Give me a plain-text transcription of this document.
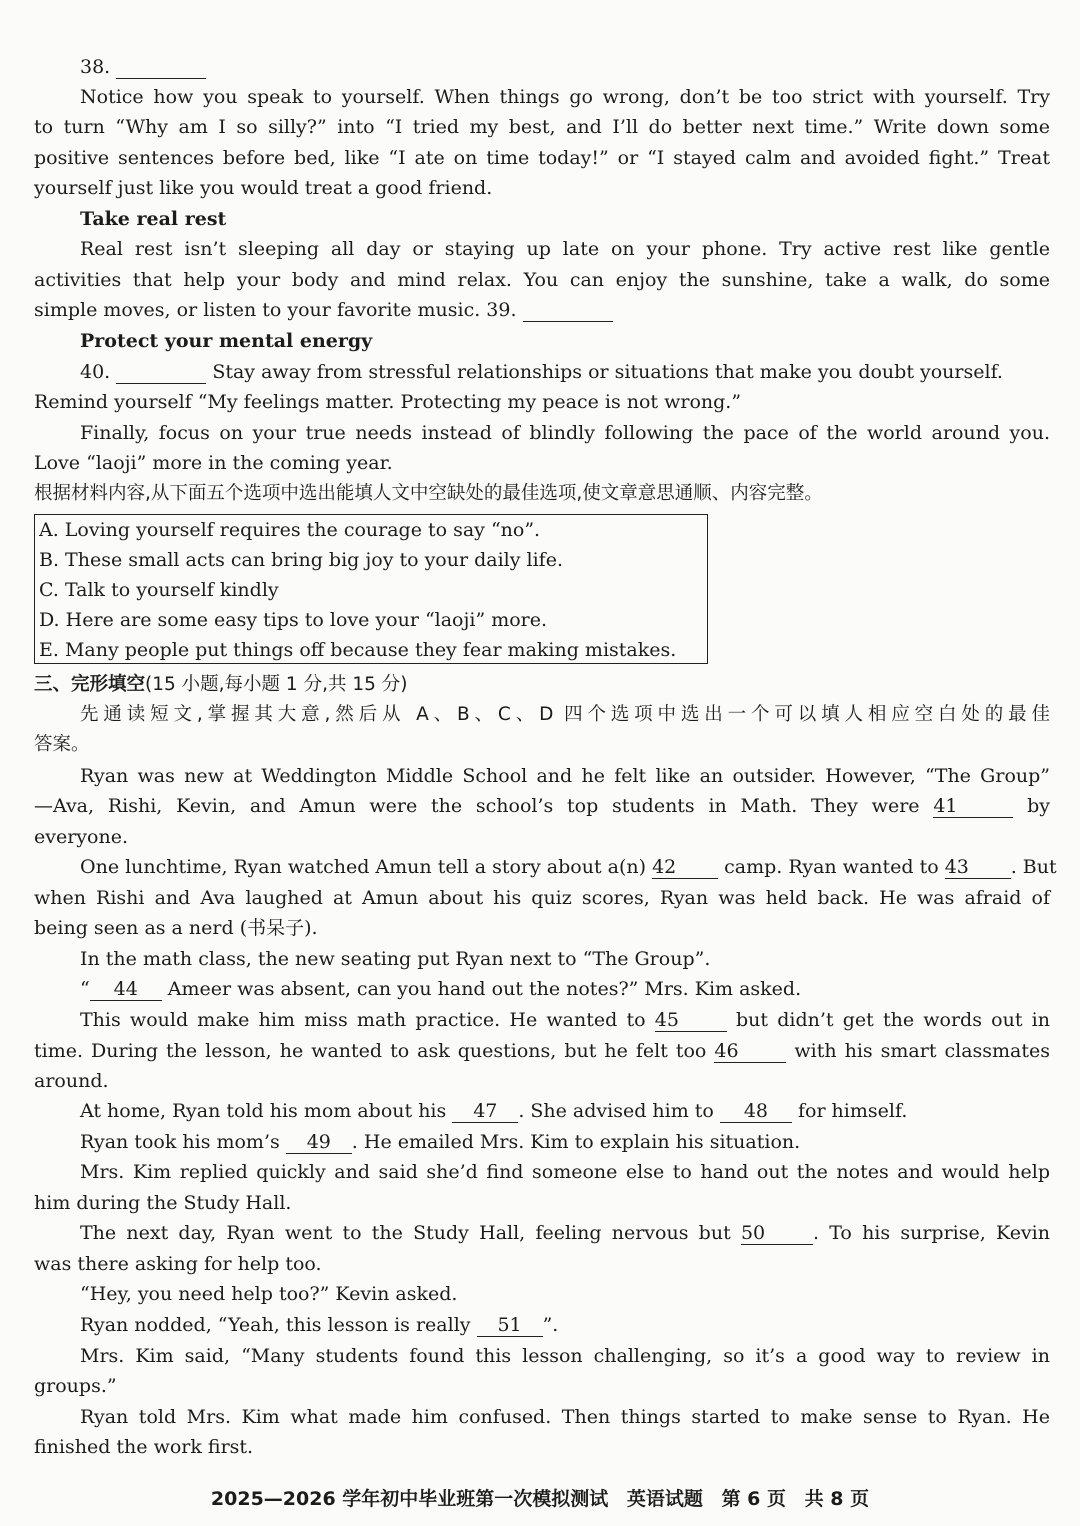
38.
Notice how you speak to yourself. When things go wrong, don’t be too strict with yourself. Try
to turn “Why am I so silly?” into “I tried my best, and I’ll do better next time.” Write down some
positive sentences before bed, like “I ate on time today!” or “I stayed calm and avoided fight.” Treat
yourself just like you would treat a good friend.
Take real rest
Real rest isn’t sleeping all day or staying up late on your phone. Try active rest like gentle
activities that help your body and mind relax. You can enjoy the sunshine, take a walk, do some
simple moves, or listen to your favorite music. 39.
Protect your mental energy
40.	Stay away from stressful relationships or situations that make you doubt yourself.
Remind yourself “My feelings matter. Protecting my peace is not wrong.”
Finally, focus on your true needs instead of blindly following the pace of the world around you.
Love “laoji” more in the coming year.
根据材料内容,从下面五个选项中选出能填人文中空缺处的最佳选项,使文章意思通顺、内容完整。
A. Loving yourself requires the courage to say “no”.
B. These small acts can bring big joy to your daily life.
C. Talk to yourself kindly
D. Here are some easy tips to love your “laoji” more.
E. Many people put things off because they fear making mistakes.
三、完形填空(15 小题,每小题 1 分,共 15 分)
先通读短文,掌握其大意,然后从 A、B、C、D 四个选项中选出一个可以填人相应空白处的最佳
答案。
Ryan was new at Weddington Middle School and he felt like an outsider. However, “The Group”
—Ava, Rishi, Kevin, and Amun were the school’s top students in Math. They were 41	by
everyone.
One lunchtime, Ryan watched Amun tell a story about a(n) 42	camp. Ryan wanted to 43 . But
when Rishi and Ava laughed at Amun about his quiz scores, Ryan was held back. He was afraid of
being seen as a nerd (书呆子).
In the math class, the new seating put Ryan next to “The Group”.
“ 44 Ameer was absent, can you hand out the notes?” Mrs. Kim asked.
This would make him miss math practice. He wanted to 45	but didn’t get the words out in
time. During the lesson, he wanted to ask questions, but he felt too 46	with his smart classmates
around.
At home, Ryan told his mom about his 47 . She advised him to 48 for himself.
Ryan took his mom’s 49 . He emailed Mrs. Kim to explain his situation.
Mrs. Kim replied quickly and said she’d find someone else to hand out the notes and would help
him during the Study Hall.
The next day, Ryan went to the Study Hall, feeling nervous but 50	. To his surprise, Kevin
was there asking for help too.
“Hey, you need help too?” Kevin asked.
Ryan nodded, “Yeah, this lesson is really 51 ”.
Mrs. Kim said, “Many students found this lesson challenging, so it’s a good way to review in
groups.”
Ryan told Mrs. Kim what made him confused. Then things started to make sense to Ryan. He
finished the work first.
2025—2026 学年初中毕业班第一次模拟测试 英语试题 第 6 页 共 8 页
